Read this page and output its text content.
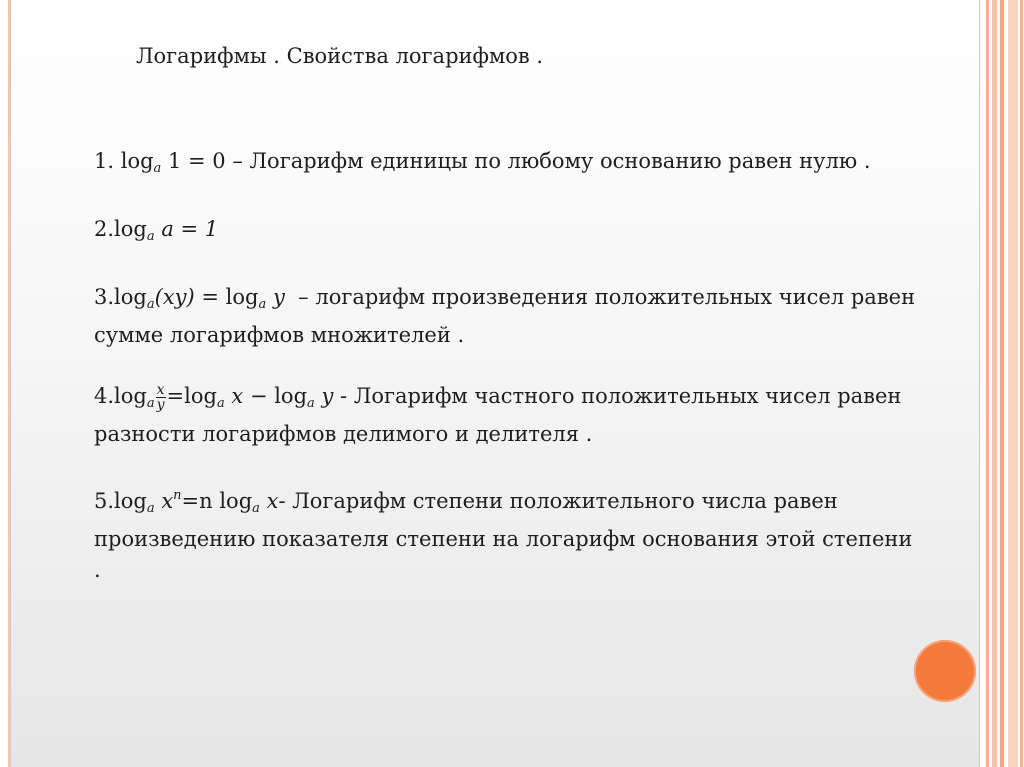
Логарифмы . Свойства логарифмов .

1. $\log_a 1 = 0$ – Логарифм единицы по любому основанию равен нулю .

$2.\log_a$ a = 1

$3.\log_a(xy) = \log_a y$ – логарифм произведения положительных чисел равен сумме логарифмов множителей .

$4.\log_a \frac{x}{y} =\log_a$ $x - \log_a y$ - Логарифм частного положительных чисел равен разности логарифмов делимого и делителя .

$5.\log_a$ $x^n=n$ $\log_a x-$ Логарифм степени положительного числа равен произведению показателя степени на логарифм основания этой степени .
